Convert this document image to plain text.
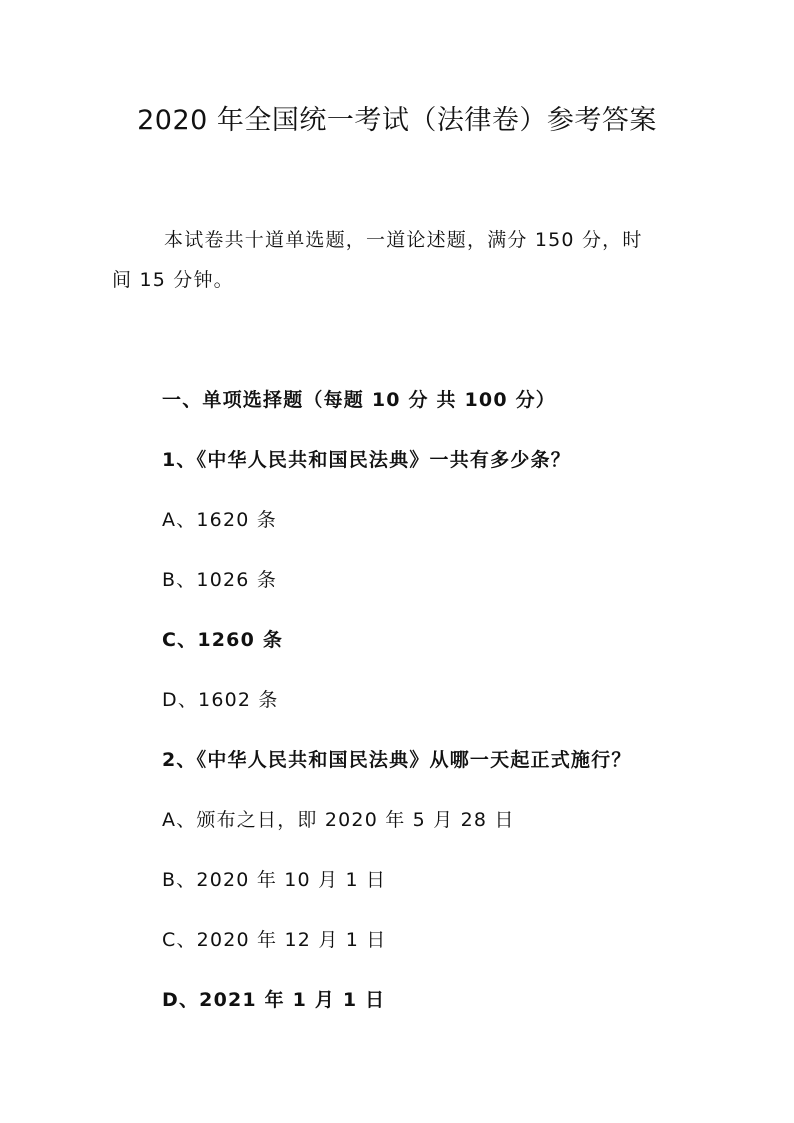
2020 年全国统一考试（法律卷）参考答案
本试卷共十道单选题，一道论述题，满分 150 分，时
间 15 分钟。
一、单项选择题（每题 10 分 共 100 分）
1、《中华人民共和国民法典》一共有多少条？
A、1620 条
B、1026 条
C、1260 条
D、1602 条
2、《中华人民共和国民法典》从哪一天起正式施行？
A、颁布之日，即 2020 年 5 月 28 日
B、2020 年 10 月 1 日
C、2020 年 12 月 1 日
D、2021 年 1 月 1 日
